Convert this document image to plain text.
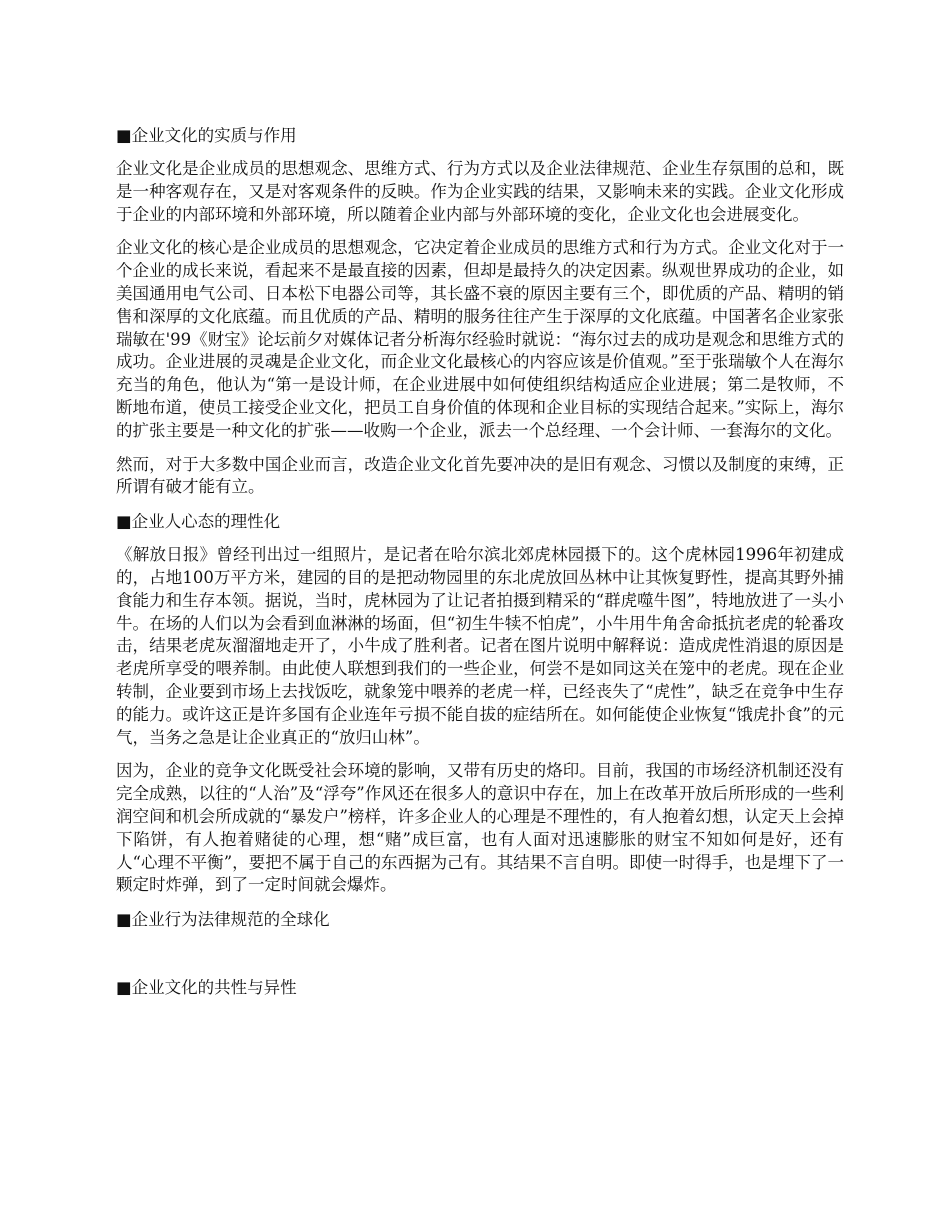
■企业文化的实质与作用

企业文化是企业成员的思想观念、思维方式、行为方式以及企业法律规范、企业生存氛围的总和，既是一种客观存在，又是对客观条件的反映。作为企业实践的结果，又影响未来的实践。企业文化形成于企业的内部环境和外部环境，所以随着企业内部与外部环境的变化，企业文化也会进展变化。

企业文化的核心是企业成员的思想观念，它决定着企业成员的思维方式和行为方式。企业文化对于一个企业的成长来说，看起来不是最直接的因素，但却是最持久的决定因素。纵观世界成功的企业，如美国通用电气公司、日本松下电器公司等，其长盛不衰的原因主要有三个，即优质的产品、精明的销售和深厚的文化底蕴。而且优质的产品、精明的服务往往产生于深厚的文化底蕴。中国著名企业家张瑞敏在'99《财宝》论坛前夕对媒体记者分析海尔经验时就说：“海尔过去的成功是观念和思维方式的成功。企业进展的灵魂是企业文化，而企业文化最核心的内容应该是价值观。”至于张瑞敏个人在海尔充当的角色，他认为“第一是设计师，在企业进展中如何使组织结构适应企业进展；第二是牧师，不断地布道，使员工接受企业文化，把员工自身价值的体现和企业目标的实现结合起来。”实际上，海尔的扩张主要是一种文化的扩张——收购一个企业，派去一个总经理、一个会计师、一套海尔的文化。

然而，对于大多数中国企业而言，改造企业文化首先要冲决的是旧有观念、习惯以及制度的束缚，正所谓有破才能有立。

■企业人心态的理性化

《解放日报》曾经刊出过一组照片，是记者在哈尔滨北郊虎林园摄下的。这个虎林园1996年初建成的，占地100万平方米，建园的目的是把动物园里的东北虎放回丛林中让其恢复野性，提高其野外捕食能力和生存本领。据说，当时，虎林园为了让记者拍摄到精采的“群虎噬牛图”，特地放进了一头小牛。在场的人们以为会看到血淋淋的场面，但“初生牛犊不怕虎”，小牛用牛角舍命抵抗老虎的轮番攻击，结果老虎灰溜溜地走开了，小牛成了胜利者。记者在图片说明中解释说：造成虎性消退的原因是老虎所享受的喂养制。由此使人联想到我们的一些企业，何尝不是如同这关在笼中的老虎。现在企业转制，企业要到市场上去找饭吃，就象笼中喂养的老虎一样，已经丧失了“虎性”，缺乏在竞争中生存的能力。或许这正是许多国有企业连年亏损不能自拔的症结所在。如何能使企业恢复“饿虎扑食”的元气，当务之急是让企业真正的“放归山林”。

因为，企业的竞争文化既受社会环境的影响，又带有历史的烙印。目前，我国的市场经济机制还没有完全成熟，以往的“人治”及“浮夸”作风还在很多人的意识中存在，加上在改革开放后所形成的一些利润空间和机会所成就的“暴发户”榜样，许多企业人的心理是不理性的，有人抱着幻想，认定天上会掉下陷饼，有人抱着赌徒的心理，想“赌”成巨富，也有人面对迅速膨胀的财宝不知如何是好，还有人“心理不平衡”，要把不属于自己的东西据为己有。其结果不言自明。即使一时得手，也是埋下了一颗定时炸弹，到了一定时间就会爆炸。

■企业行为法律规范的全球化
■企业文化的共性与异性
